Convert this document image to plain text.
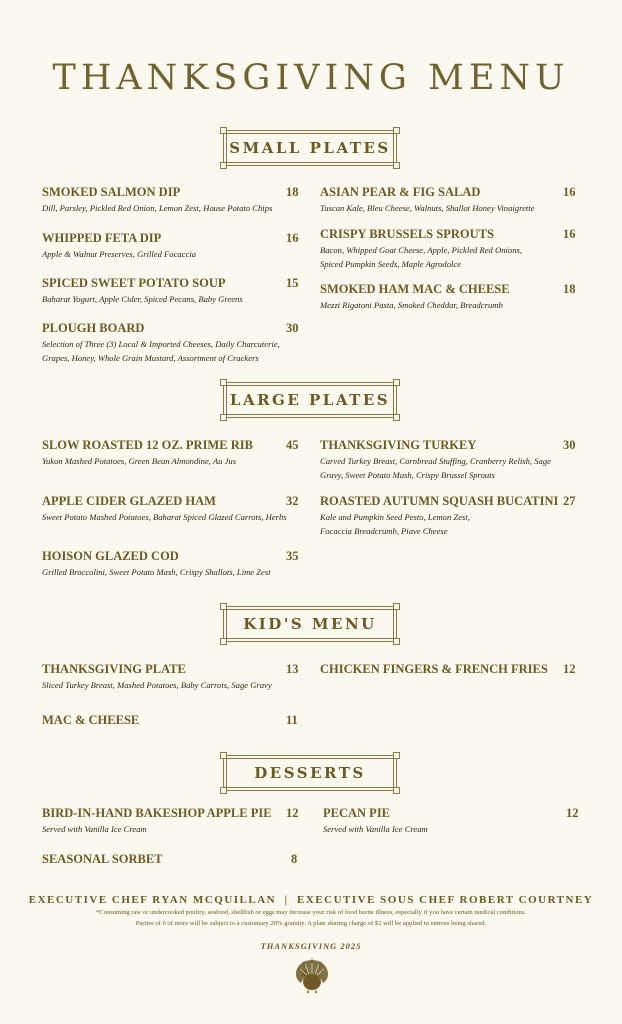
THANKSGIVING MENU
SMALL PLATES
SMOKED SALMON DIP
Dill, Parsley, Pickled Red Onion, Lemon Zest, House Potato Chips
18
WHIPPED FETA DIP
Apple & Walnut Preserves, Grilled Focaccia
16
SPICED SWEET POTATO SOUP
Baharat Yogurt, Apple Cider, Spiced Pecans, Baby Greens
15
PLOUGH BOARD
Selection of Three (3) Local & Imported Cheeses, Daily Charcuterie, Grapes, Honey, Whole Grain Mustard, Assortment of Crackers
30
ASIAN PEAR & FIG SALAD
Tuscan Kale, Bleu Cheese, Walnuts, Shallot Honey Vinaigrette
16
CRISPY BRUSSELS SPROUTS
Bacon, Whipped Goat Cheese, Apple, Pickled Red Onions, Spiced Pumpkin Seeds, Maple Agrodolce
16
SMOKED HAM MAC & CHEESE
Mezzi Rigatoni Pasta, Smoked Cheddar, Breadcrumb
18
LARGE PLATES
SLOW ROASTED 12 OZ. PRIME RIB
Yukon Mashed Potatoes, Green Bean Almondine, Au Jus
45
APPLE CIDER GLAZED HAM
Sweet Potato Mashed Potatoes, Baharat Spiced Glazed Carrots, Herbs
32
HOISON GLAZED COD
Grilled Broccolini, Sweet Potato Mash, Crispy Shallots, Lime Zest
35
THANKSGIVING TURKEY
Carved Turkey Breast, Cornbread Stuffing, Cranberry Relish, Sage Gravy, Sweet Potato Mash, Crispy Brussel Sprouts
30
ROASTED AUTUMN SQUASH BUCATINI
Kale and Pumpkin Seed Pesto, Lemon Zest, Focaccia Breadcrumb, Piave Cheese
27
KID'S MENU
THANKSGIVING PLATE
Sliced Turkey Breast, Mashed Potatoes, Baby Carrots, Sage Gravy
13
MAC & CHEESE	11
CHICKEN FINGERS & FRENCH FRIES	12
DESSERTS
BIRD-IN-HAND BAKESHOP APPLE PIE
Served with Vanilla Ice Cream
12
SEASONAL SORBET	8
PECAN PIE
Served with Vanilla Ice Cream
12
EXECUTIVE CHEF RYAN MCQUILLAN  |  EXECUTIVE SOUS CHEF ROBERT COURTNEY
*Consuming raw or undercooked poultry, seafood, shellfish or eggs may increase your risk of food borne illness, especially if you have certain medical conditions.
Parties of 6 of more will be subject to a customary 20% gratuity. A plate sharing charge of $2 will be applied to entrees being shared.
THANKSGIVING 2025
